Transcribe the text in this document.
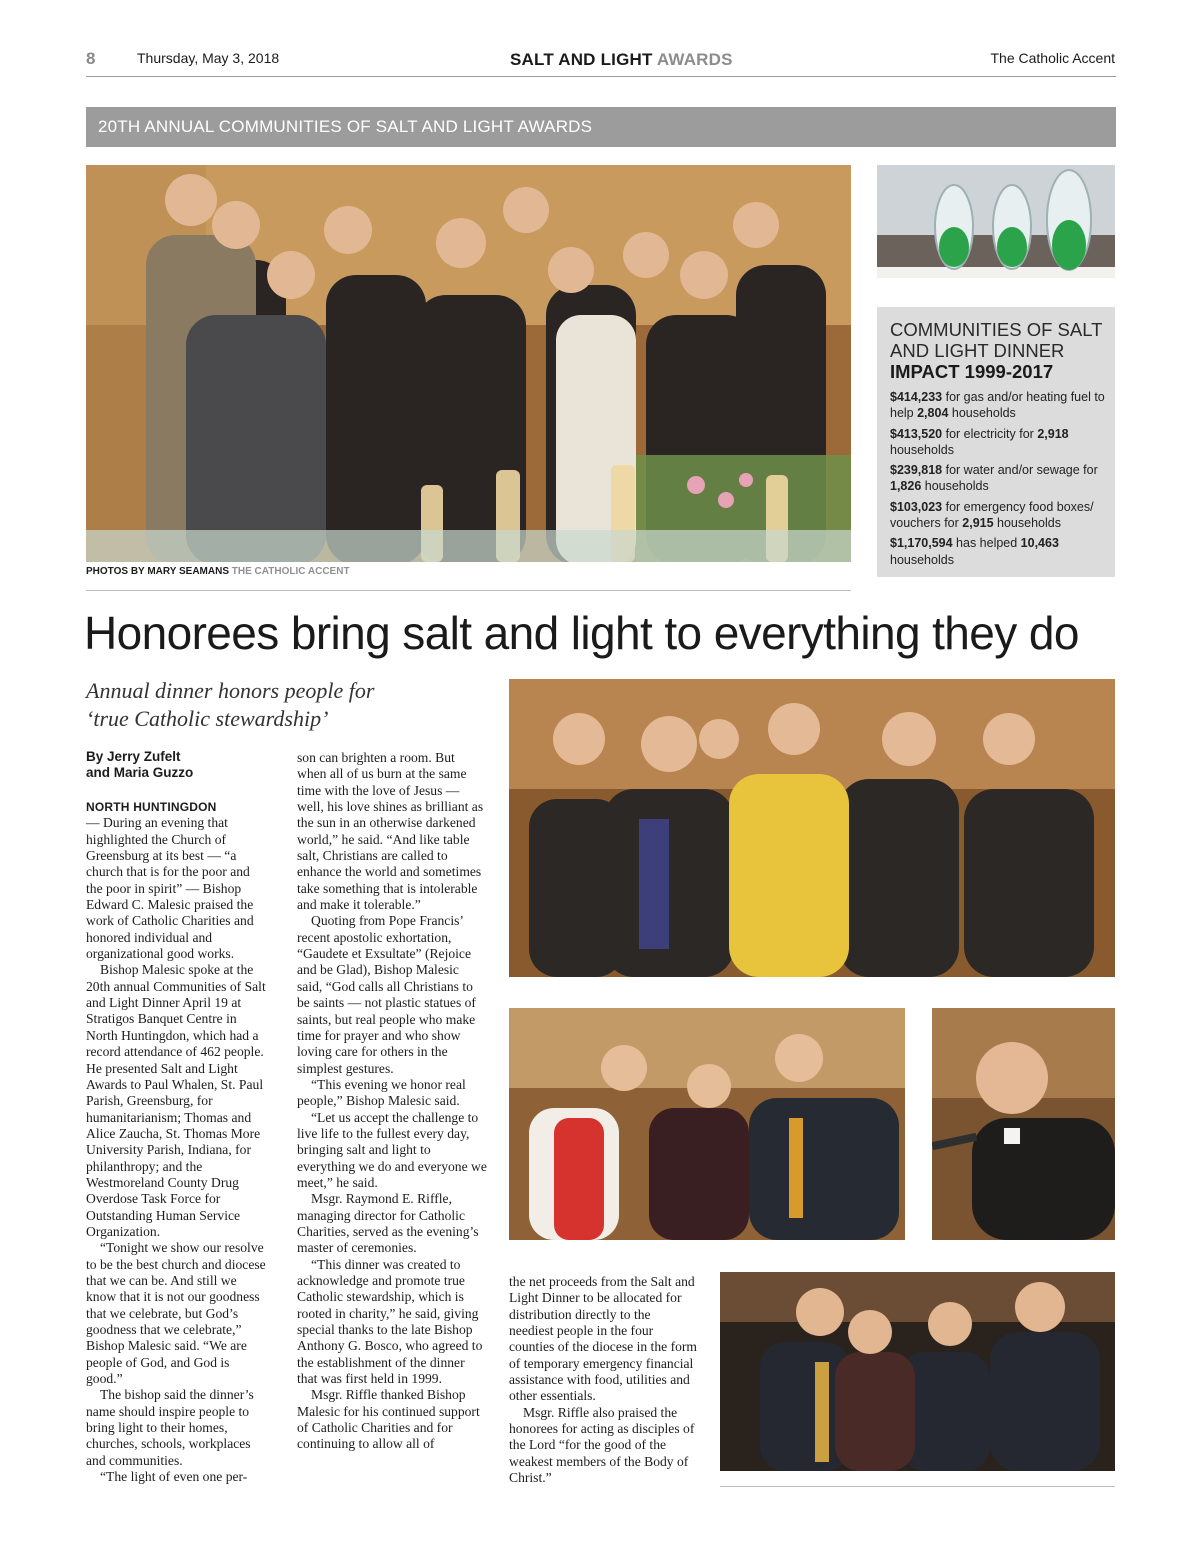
8	Thursday, May 3, 2018	SALT AND LIGHT AWARDS	The Catholic Accent
20TH ANNUAL COMMUNITIES OF SALT AND LIGHT AWARDS
COMMUNITIES OF SALT AND LIGHT DINNER
IMPACT 1999-2017

$414,233 for gas and/or heating fuel to help 2,804 households

$413,520 for electricity for 2,918 households

$239,818 for water and/or sewage for 1,826 households

$103,023 for emergency food boxes/ vouchers for 2,915 households

$1,170,594 has helped 10,463 households

PHOTOS BY MARY SEAMANS THE CATHOLIC ACCENT
Honorees bring salt and light to everything they do
Annual dinner honors people for ‘true Catholic stewardship’
By Jerry Zufelt
and Maria Guzzo
NORTH HUNTINGDON

— During an evening that highlighted the Church of Greensburg at its best — “a church that is for the poor and the poor in spirit” — Bishop Edward C. Malesic praised the work of Catholic Charities and honored individual and organizational good works.

Bishop Malesic spoke at the 20th annual Communities of Salt and Light Dinner April 19 at Stratigos Banquet Centre in North Huntingdon, which had a record attendance of 462 people. He presented Salt and Light Awards to Paul Whalen, St. Paul Parish, Greensburg, for humanitarianism; Thomas and Alice Zaucha, St. Thomas More University Parish, Indiana, for philanthropy; and the Westmoreland County Drug Overdose Task Force for Outstanding Human Service Organization.

“Tonight we show our resolve to be the best church and diocese that we can be. And still we know that it is not our goodness that we celebrate, but God’s goodness that we celebrate,” Bishop Malesic said. “We are people of God, and God is good.”

The bishop said the dinner’s name should inspire people to bring light to their homes, churches, schools, workplaces and communities.

“The light of even one per-

son can brighten a room. But when all of us burn at the same time with the love of Jesus — well, his love shines as brilliant as the sun in an otherwise darkened world,” he said. “And like table salt, Christians are called to enhance the world and sometimes take something that is intolerable and make it tolerable.”

Quoting from Pope Francis’ recent apostolic exhortation, “Gaudete et Exsultate” (Rejoice and be Glad), Bishop Malesic said, “God calls all Christians to be saints — not plastic statues of saints, but real people who make time for prayer and who show loving care for others in the simplest gestures.

“This evening we honor real people,” Bishop Malesic said.

“Let us accept the challenge to live life to the fullest every day, bringing salt and light to everything we do and everyone we meet,” he said.

Msgr. Raymond E. Riffle, managing director for Catholic Charities, served as the evening’s master of ceremonies.

“This dinner was created to acknowledge and promote true Catholic stewardship, which is rooted in charity,” he said, giving special thanks to the late Bishop Anthony G. Bosco, who agreed to the establishment of the dinner that was first held in 1999.

Msgr. Riffle thanked Bishop Malesic for his continued support of Catholic Charities and for continuing to allow all of

the net proceeds from the Salt and Light Dinner to be allocated for distribution directly to the neediest people in the four counties of the diocese in the form of temporary emergency financial assistance with food, utilities and other essentials.

Msgr. Riffle also praised the honorees for acting as disciples of the Lord “for the good of the weakest members of the Body of Christ.”
